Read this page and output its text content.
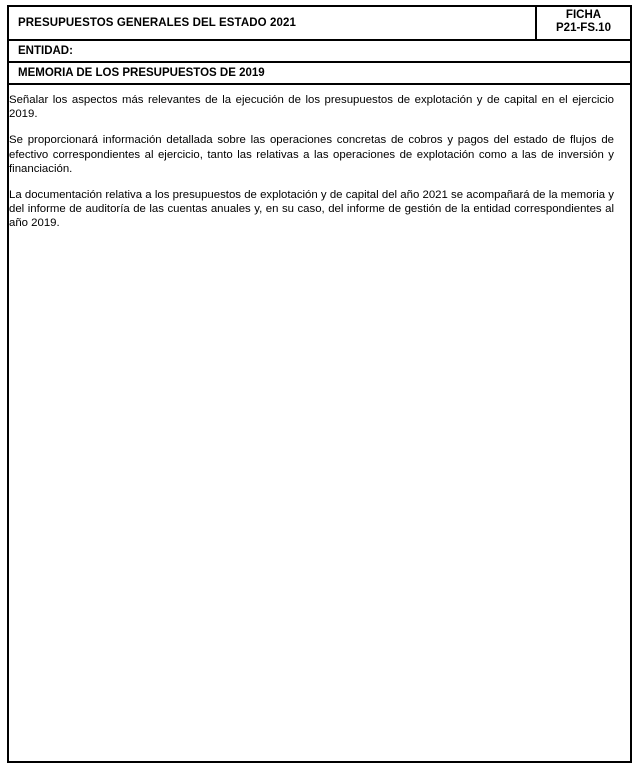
PRESUPUESTOS GENERALES DEL ESTADO 2021
FICHA
P21-FS.10
ENTIDAD:
MEMORIA DE LOS PRESUPUESTOS DE 2019

Señalar los aspectos más relevantes de la ejecución de los presupuestos de explotación y de capital en el ejercicio 2019.

Se proporcionará información detallada sobre las operaciones concretas de cobros y pagos del estado de flujos de efectivo correspondientes al ejercicio, tanto las relativas a las operaciones de explotación como a las de inversión y financiación.

La documentación relativa a los presupuestos de explotación y de capital del año 2021 se acompañará de la memoria y del informe de auditoría de las cuentas anuales y, en su caso, del informe de gestión de la entidad correspondientes al año 2019.
